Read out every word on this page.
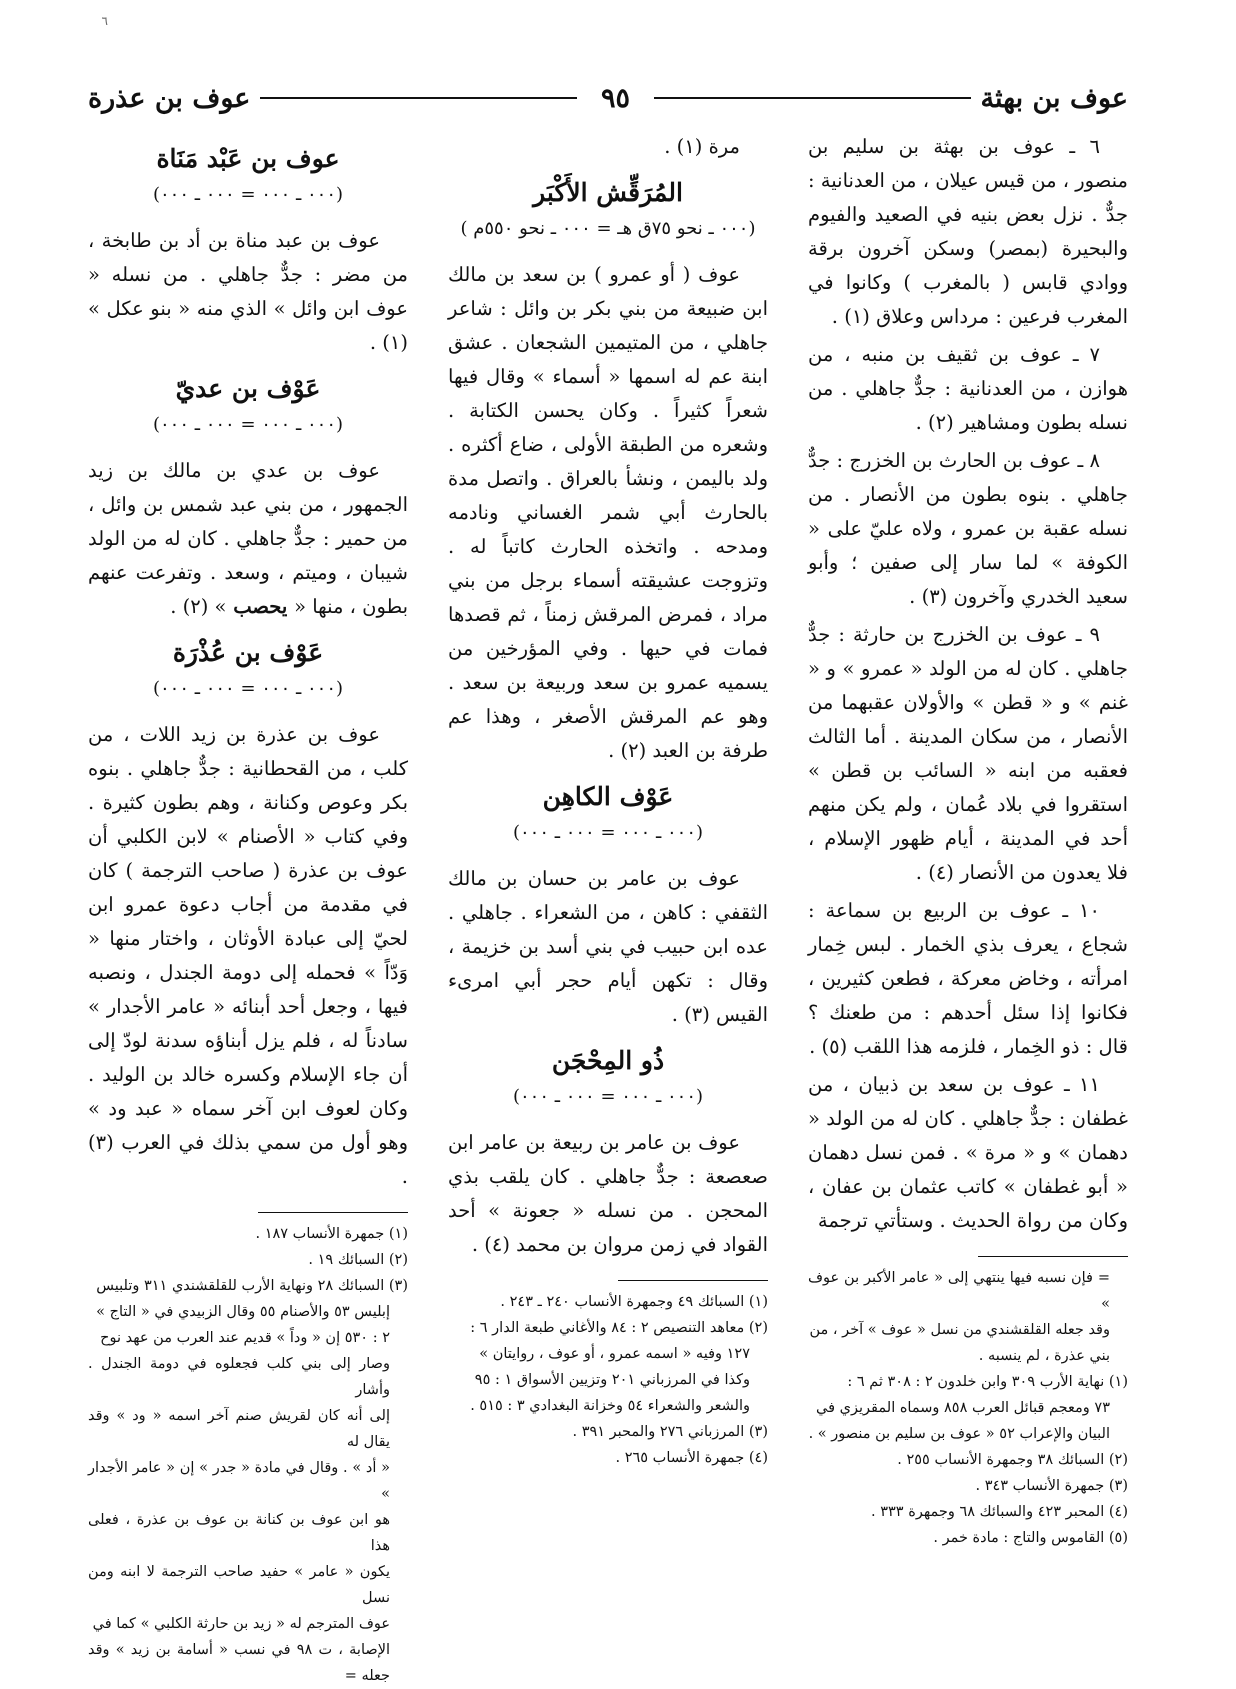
٦
عوف بن بهثة
٩٥
عوف بن عذرة

٦ ـ عوف بن بهثة بن سليم بن منصور ، من قيس عيلان ، من العدنانية : جدٌّ . نزل بعض بنيه في الصعيد والفيوم والبحيرة (بمصر) وسكن آخرون برقة ووادي قابس ( بالمغرب ) وكانوا في المغرب فرعين : مرداس وعلاق (١) .

٧ ـ عوف بن ثقيف بن منبه ، من هوازن ، من العدنانية : جدٌّ جاهلي . من نسله بطون ومشاهير (٢) .

٨ ـ عوف بن الحارث بن الخزرج : جدٌّ جاهلي . بنوه بطون من الأنصار . من نسله عقبة بن عمرو ، ولاه عليّ على « الكوفة » لما سار إلى صفين ؛ وأبو سعيد الخدري وآخرون (٣) .

٩ ـ عوف بن الخزرج بن حارثة : جدٌّ جاهلي . كان له من الولد « عمرو » و « غنم » و « قطن » والأولان عقبهما من الأنصار ، من سكان المدينة . أما الثالث فعقبه من ابنه « السائب بن قطن » استقروا في بلاد عُمان ، ولم يكن منهم أحد في المدينة ، أيام ظهور الإسلام ، فلا يعدون من الأنصار (٤) .

١٠ ـ عوف بن الربيع بن سماعة : شجاع ، يعرف بذي الخمار . لبس خِمار امرأته ، وخاض معركة ، فطعن كثيرين ، فكانوا إذا سئل أحدهم : من طعنك ؟ قال : ذو الخِمار ، فلزمه هذا اللقب (٥) .

١١ ـ عوف بن سعد بن ذبيان ، من غطفان : جدٌّ جاهلي . كان له من الولد « دهمان » و « مرة » . فمن نسل دهمان « أبو غطفان » كاتب عثمان بن عفان ، وكان من رواة الحديث . وستأتي ترجمة

= فإن نسبه فيها ينتهي إلى « عامر الأكبر بن عوف »

وقد جعله القلقشندي من نسل « عوف » آخر ، من

بني عذرة ، لم ينسبه .

(١) نهاية الأرب ٣٠٩ وابن خلدون ٢ : ٣٠٨ ثم ٦ :

٧٣ ومعجم قبائل العرب ٨٥٨ وسماه المقريزي في

البيان والإعراب ٥٢ « عوف بن سليم بن منصور » .

(٢) السبائك ٣٨ وجمهرة الأنساب ٢٥٥ .

(٣) جمهرة الأنساب ٣٤٣ .

(٤) المحبر ٤٢٣ والسبائك ٦٨ وجمهرة ٣٣٣ .

(٥) القاموس والتاج : مادة خمر .

مرة (١) .

المُرَقِّش الأَكْبَر
(٠٠٠ ـ نحو ٧٥ق هـ = ٠٠٠ ـ نحو ٥٥٠م )

عوف ( أو عمرو ) بن سعد بن مالك ابن ضبيعة من بني بكر بن وائل : شاعر جاهلي ، من المتيمين الشجعان . عشق ابنة عم له اسمها « أسماء » وقال فيها شعراً كثيراً . وكان يحسن الكتابة . وشعره من الطبقة الأولى ، ضاع أكثره . ولد باليمن ، ونشأ بالعراق . واتصل مدة بالحارث أبي شمر الغساني ونادمه ومدحه . واتخذه الحارث كاتباً له . وتزوجت عشيقته أسماء برجل من بني مراد ، فمرض المرقش زمناً ، ثم قصدها فمات في حيها . وفي المؤرخين من يسميه عمرو بن سعد وربيعة بن سعد . وهو عم المرقش الأصغر ، وهذا عم طرفة بن العبد (٢) .

عَوْف الكاهِن
(٠٠٠ ـ ٠٠٠ = ٠٠٠ ـ ٠٠٠)

عوف بن عامر بن حسان بن مالك الثقفي : كاهن ، من الشعراء . جاهلي . عده ابن حبيب في بني أسد بن خزيمة ، وقال : تكهن أيام حجر أبي امرىء القيس (٣) .

ذُو المِحْجَن
(٠٠٠ ـ ٠٠٠ = ٠٠٠ ـ ٠٠٠)

عوف بن عامر بن ربيعة بن عامر ابن صعصعة : جدٌّ جاهلي . كان يلقب بذي المحجن . من نسله « جعونة » أحد القواد في زمن مروان بن محمد (٤) .

(١) السبائك ٤٩ وجمهرة الأنساب ٢٤٠ ـ ٢٤٣ .

(٢) معاهد التنصيص ٢ : ٨٤ والأغاني طبعة الدار ٦ :

١٢٧ وفيه « اسمه عمرو ، أو عوف ، روايتان »

وكذا في المرزباني ٢٠١ وتزيين الأسواق ١ : ٩٥

والشعر والشعراء ٥٤ وخزانة البغدادي ٣ : ٥١٥ .

(٣) المرزباني ٢٧٦ والمحبر ٣٩١ .

(٤) جمهرة الأنساب ٢٦٥ .

عوف بن عَبْد مَنَاة
(٠٠٠ ـ ٠٠٠ = ٠٠٠ ـ ٠٠٠)

عوف بن عبد مناة بن أد بن طابخة ، من مضر : جدٌّ جاهلي . من نسله « عوف ابن وائل » الذي منه « بنو عكل » (١) .

عَوْف بن عديّ
(٠٠٠ ـ ٠٠٠ = ٠٠٠ ـ ٠٠٠)

عوف بن عدي بن مالك بن زيد الجمهور ، من بني عبد شمس بن وائل ، من حمير : جدٌّ جاهلي . كان له من الولد شيبان ، وميتم ، وسعد . وتفرعت عنهم بطون ، منها « يحصب » (٢) .

عَوْف بن عُذْرَة
(٠٠٠ ـ ٠٠٠ = ٠٠٠ ـ ٠٠٠)

عوف بن عذرة بن زيد اللات ، من كلب ، من القحطانية : جدٌّ جاهلي . بنوه بكر وعوص وكنانة ، وهم بطون كثيرة . وفي كتاب « الأصنام » لابن الكلبي أن عوف بن عذرة ( صاحب الترجمة ) كان في مقدمة من أجاب دعوة عمرو ابن لحيّ إلى عبادة الأوثان ، واختار منها « وَدّاً » فحمله إلى دومة الجندل ، ونصبه فيها ، وجعل أحد أبنائه « عامر الأجدار » سادناً له ، فلم يزل أبناؤه سدنة لودّ إلى أن جاء الإسلام وكسره خالد بن الوليد . وكان لعوف ابن آخر سماه « عبد ود » وهو أول من سمي بذلك في العرب (٣) .

(١) جمهرة الأنساب ١٨٧ .

(٢) السبائك ١٩ .

(٣) السبائك ٢٨ ونهاية الأرب للقلقشندي ٣١١ وتلبيس

إبليس ٥٣ والأصنام ٥٥ وقال الزبيدي في « التاج »

٢ : ٥٣٠ إن « وداً » قديم عند العرب من عهد نوح

وصار إلى بني كلب فجعلوه في دومة الجندل . وأشار

إلى أنه كان لقريش صنم آخر اسمه « ود » وقد يقال له

« أد » . وقال في مادة « جدر » إن « عامر الأجدار »

هو ابن عوف بن كنانة بن عوف بن عذرة ، فعلى هذا

يكون « عامر » حفيد صاحب الترجمة لا ابنه ومن نسل

عوف المترجم له « زيد بن حارثة الكلبي » كما في

الإصابة ، ت ٩٨ في نسب « أسامة بن زيد » وقد جعله =
